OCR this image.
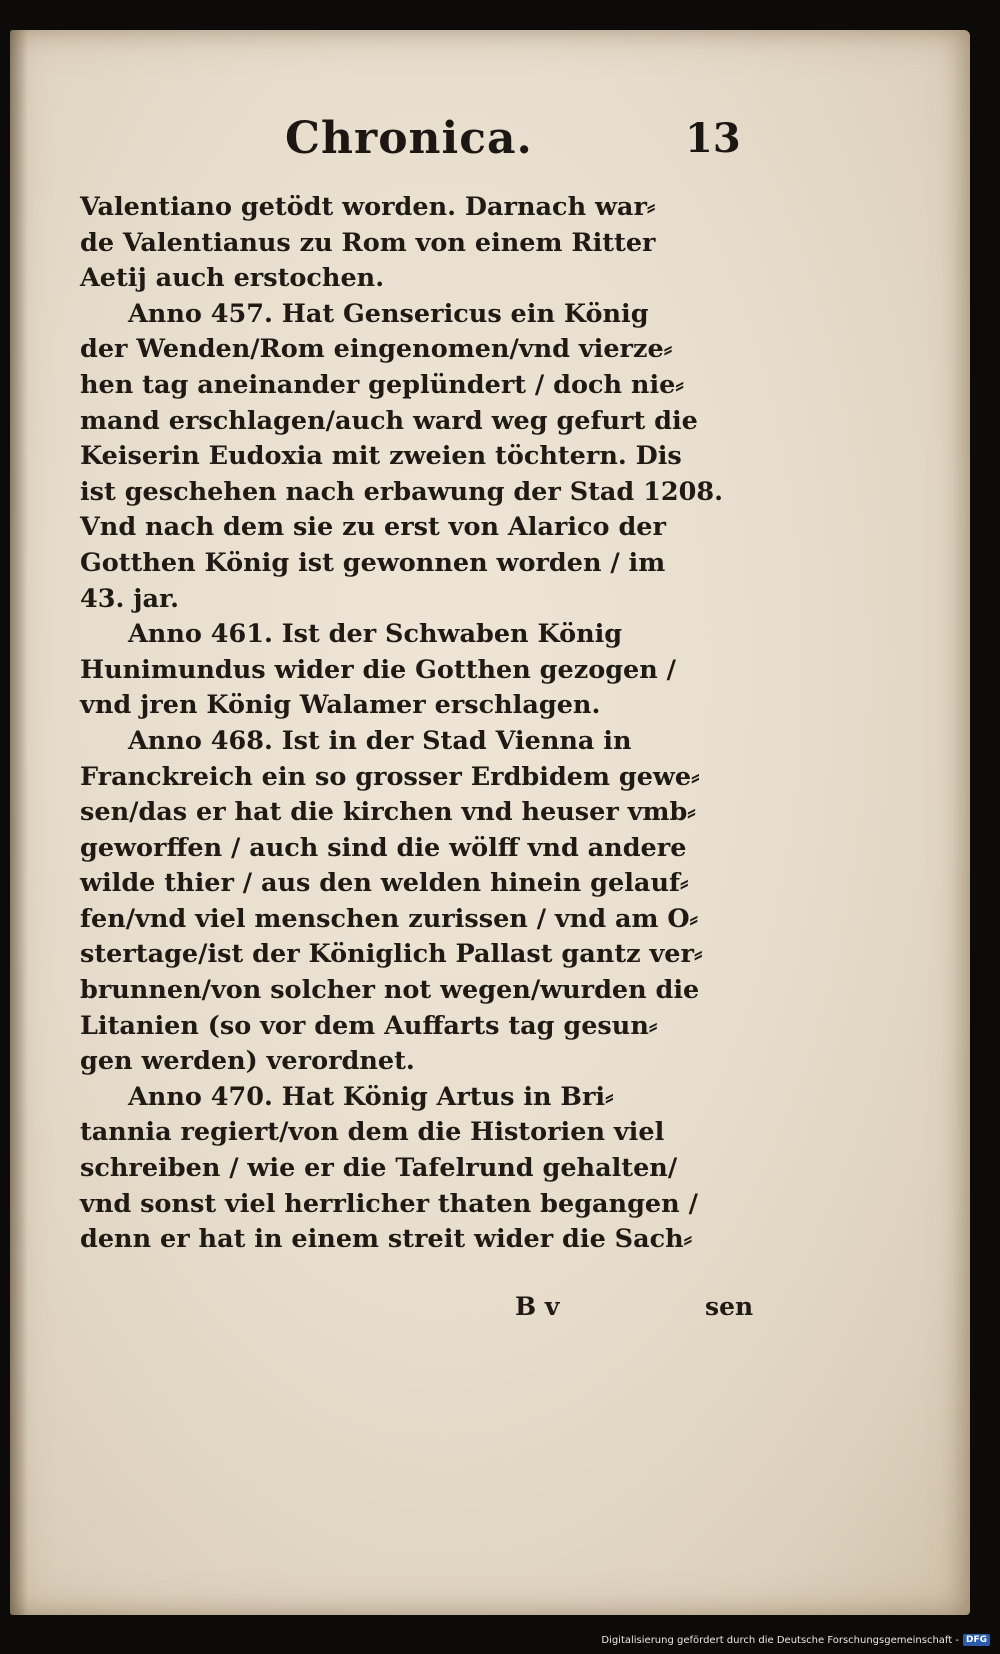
Chronica.	13
Valentiano getödt worden. Darnach war⸗
de Valentianus zu Rom von einem Ritter
Aetij auch erstochen.
Anno 457. Hat Gensericus ein König
der Wenden/Rom eingenomen/vnd vierze⸗
hen tag aneinander geplündert / doch nie⸗
mand erschlagen/auch ward weg gefurt die
Keiserin Eudoxia mit zweien töchtern. Dis
ist geschehen nach erbawung der Stad 1208.
Vnd nach dem sie zu erst von Alarico der
Gotthen König ist gewonnen worden / im
43. jar.
Anno 461. Ist der Schwaben König
Hunimundus wider die Gotthen gezogen /
vnd jren König Walamer erschlagen.
Anno 468. Ist in der Stad Vienna in
Franckreich ein so grosser Erdbidem gewe⸗
sen/das er hat die kirchen vnd heuser vmb⸗
geworffen / auch sind die wölff vnd andere
wilde thier / aus den welden hinein gelauf⸗
fen/vnd viel menschen zurissen / vnd am O⸗
stertage/ist der Königlich Pallast gantz ver⸗
brunnen/von solcher not wegen/wurden die
Litanien (so vor dem Auffarts tag gesun⸗
gen werden) verordnet.
Anno 470. Hat König Artus in Bri⸗
tannia regiert/von dem die Historien viel
schreiben / wie er die Tafelrund gehalten/
vnd sonst viel herrlicher thaten begangen /
denn er hat in einem streit wider die Sach⸗
B v	sen
Digitalisierung gefördert durch die Deutsche Forschungsgemeinschaft - DFG
